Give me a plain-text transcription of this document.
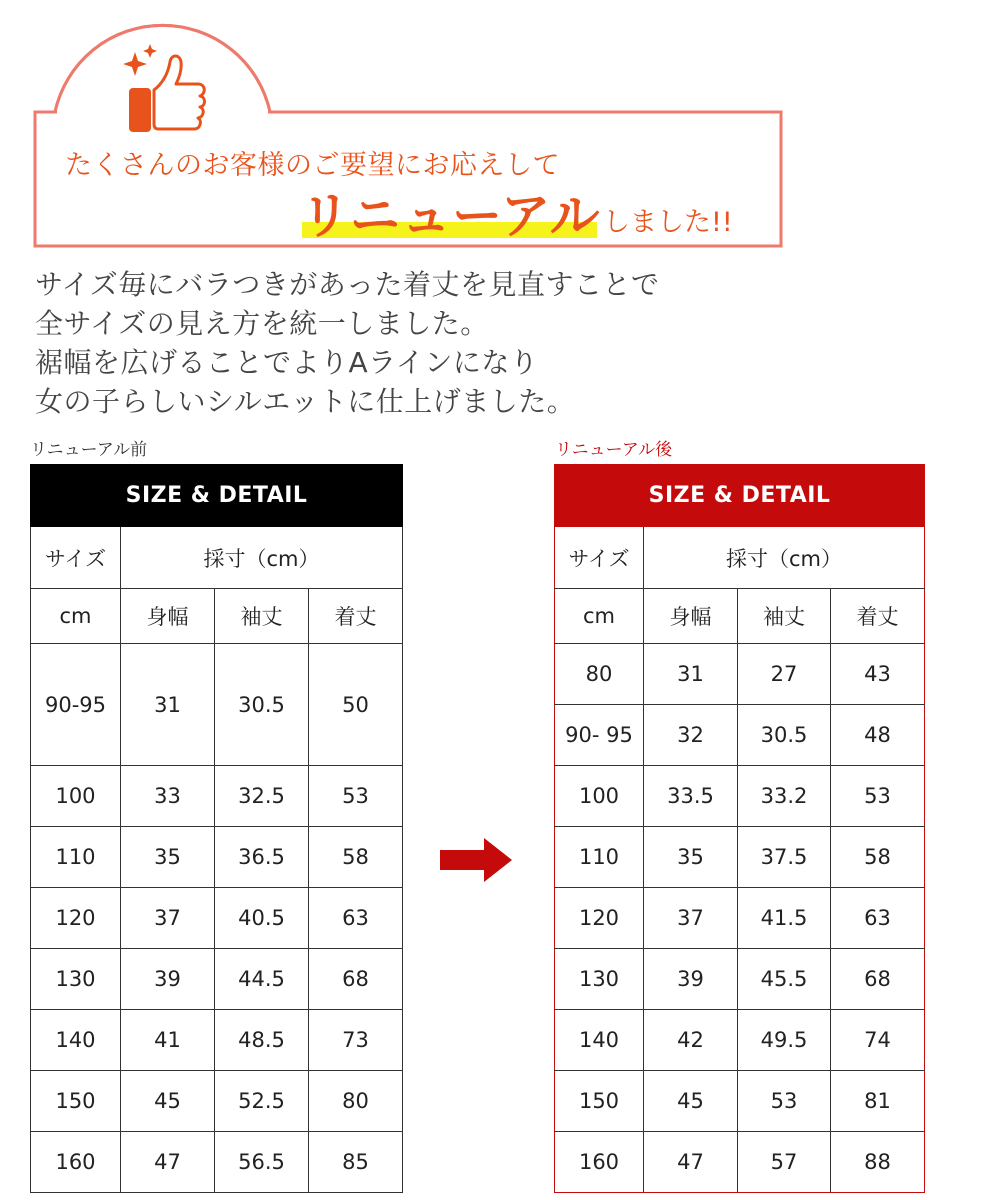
たくさんのお客様のご要望にお応えして
リニューアル しました!!
サイズ毎にバラつきがあった着丈を見直すことで
全サイズの見え方を統一しました。
裾幅を広げることでよりAラインになり
女の子らしいシルエットに仕上げました。
リニューアル前	リニューアル後
SIZE & DETAIL			
サイズ	採寸（cm）		
cm	身幅	袖丈	着丈
90-95	31	30.5	50
100	33	32.5	53
110	35	36.5	58
120	37	40.5	63
130	39	44.5	68
140	41	48.5	73
150	45	52.5	80
160	47	56.5	85
SIZE & DETAIL			
サイズ	採寸（cm）		
cm	身幅	袖丈	着丈
80	31	27	43
90- 95	32	30.5	48
100	33.5	33.2	53
110	35	37.5	58
120	37	41.5	63
130	39	45.5	68
140	42	49.5	74
150	45	53	81
160	47	57	88
